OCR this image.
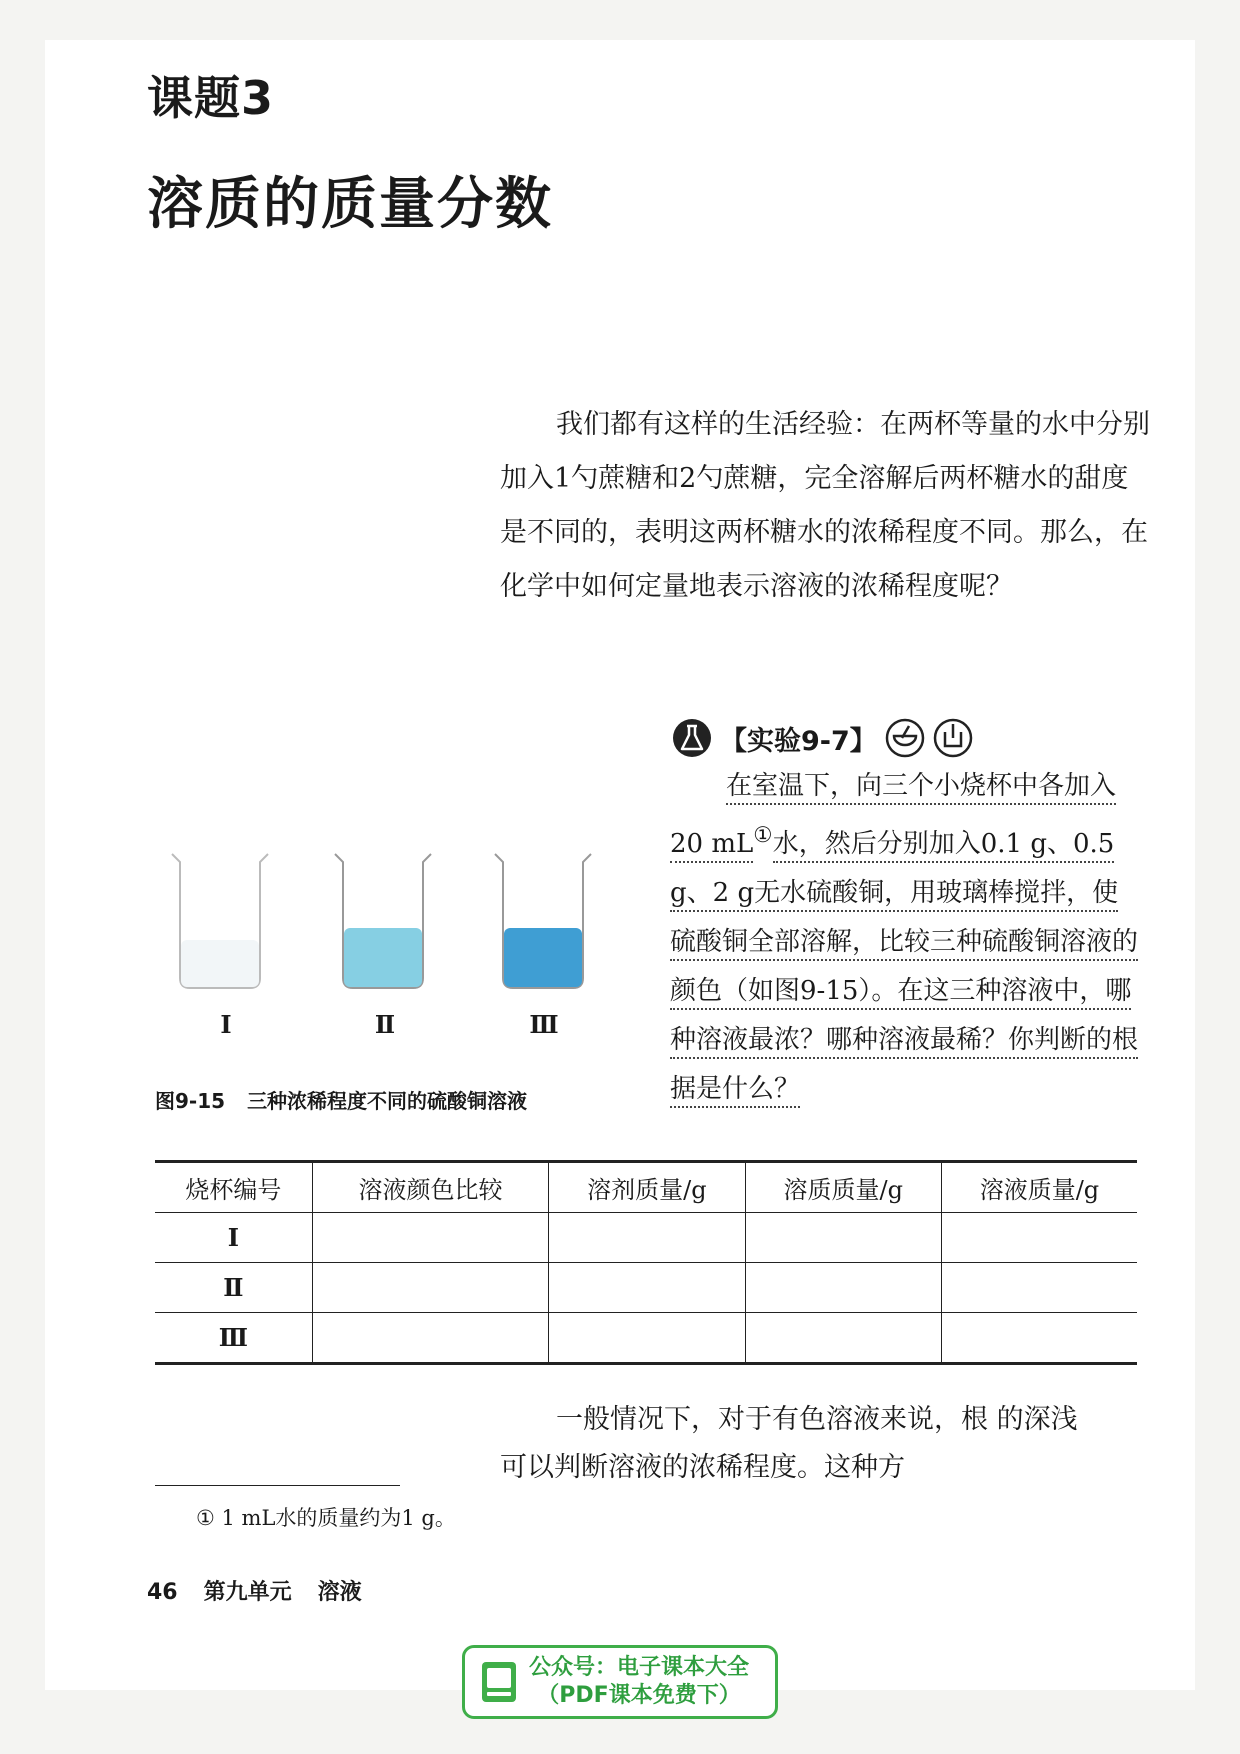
课题3
溶质的质量分数

我们都有这样的生活经验：在两杯等量的水中分别加入1勺蔗糖和2勺蔗糖，完全溶解后两杯糖水的甜度是不同的，表明这两杯糖水的浓稀程度不同。那么，在化学中如何定量地表示溶液的浓稀程度呢？

【实验9-7】

在室温下，向三个小烧杯中各加入20 mL①水，然后分别加入0.1 g、0.5 g、2 g无水硫酸铜，用玻璃棒搅拌，使硫酸铜全部溶解，比较三种硫酸铜溶液的颜色（如图9-15）。在这三种溶液中，哪种溶液最浓？哪种溶液最稀？你判断的根据是什么？

Ⅰ	Ⅱ	Ⅲ
图9-15 三种浓稀程度不同的硫酸铜溶液
烧杯编号	溶液颜色比较	溶剂质量/g	溶质质量/g	溶液质量/g
Ⅰ				
Ⅱ				
Ⅲ				

一般情况下，对于有色溶液来说，根 的深浅可以判断溶液的浓稀程度。这种方

① 1 mL水的质量约为1 g。
46 第九单元 溶液
公众号：电子课本大全
（PDF课本免费下）
